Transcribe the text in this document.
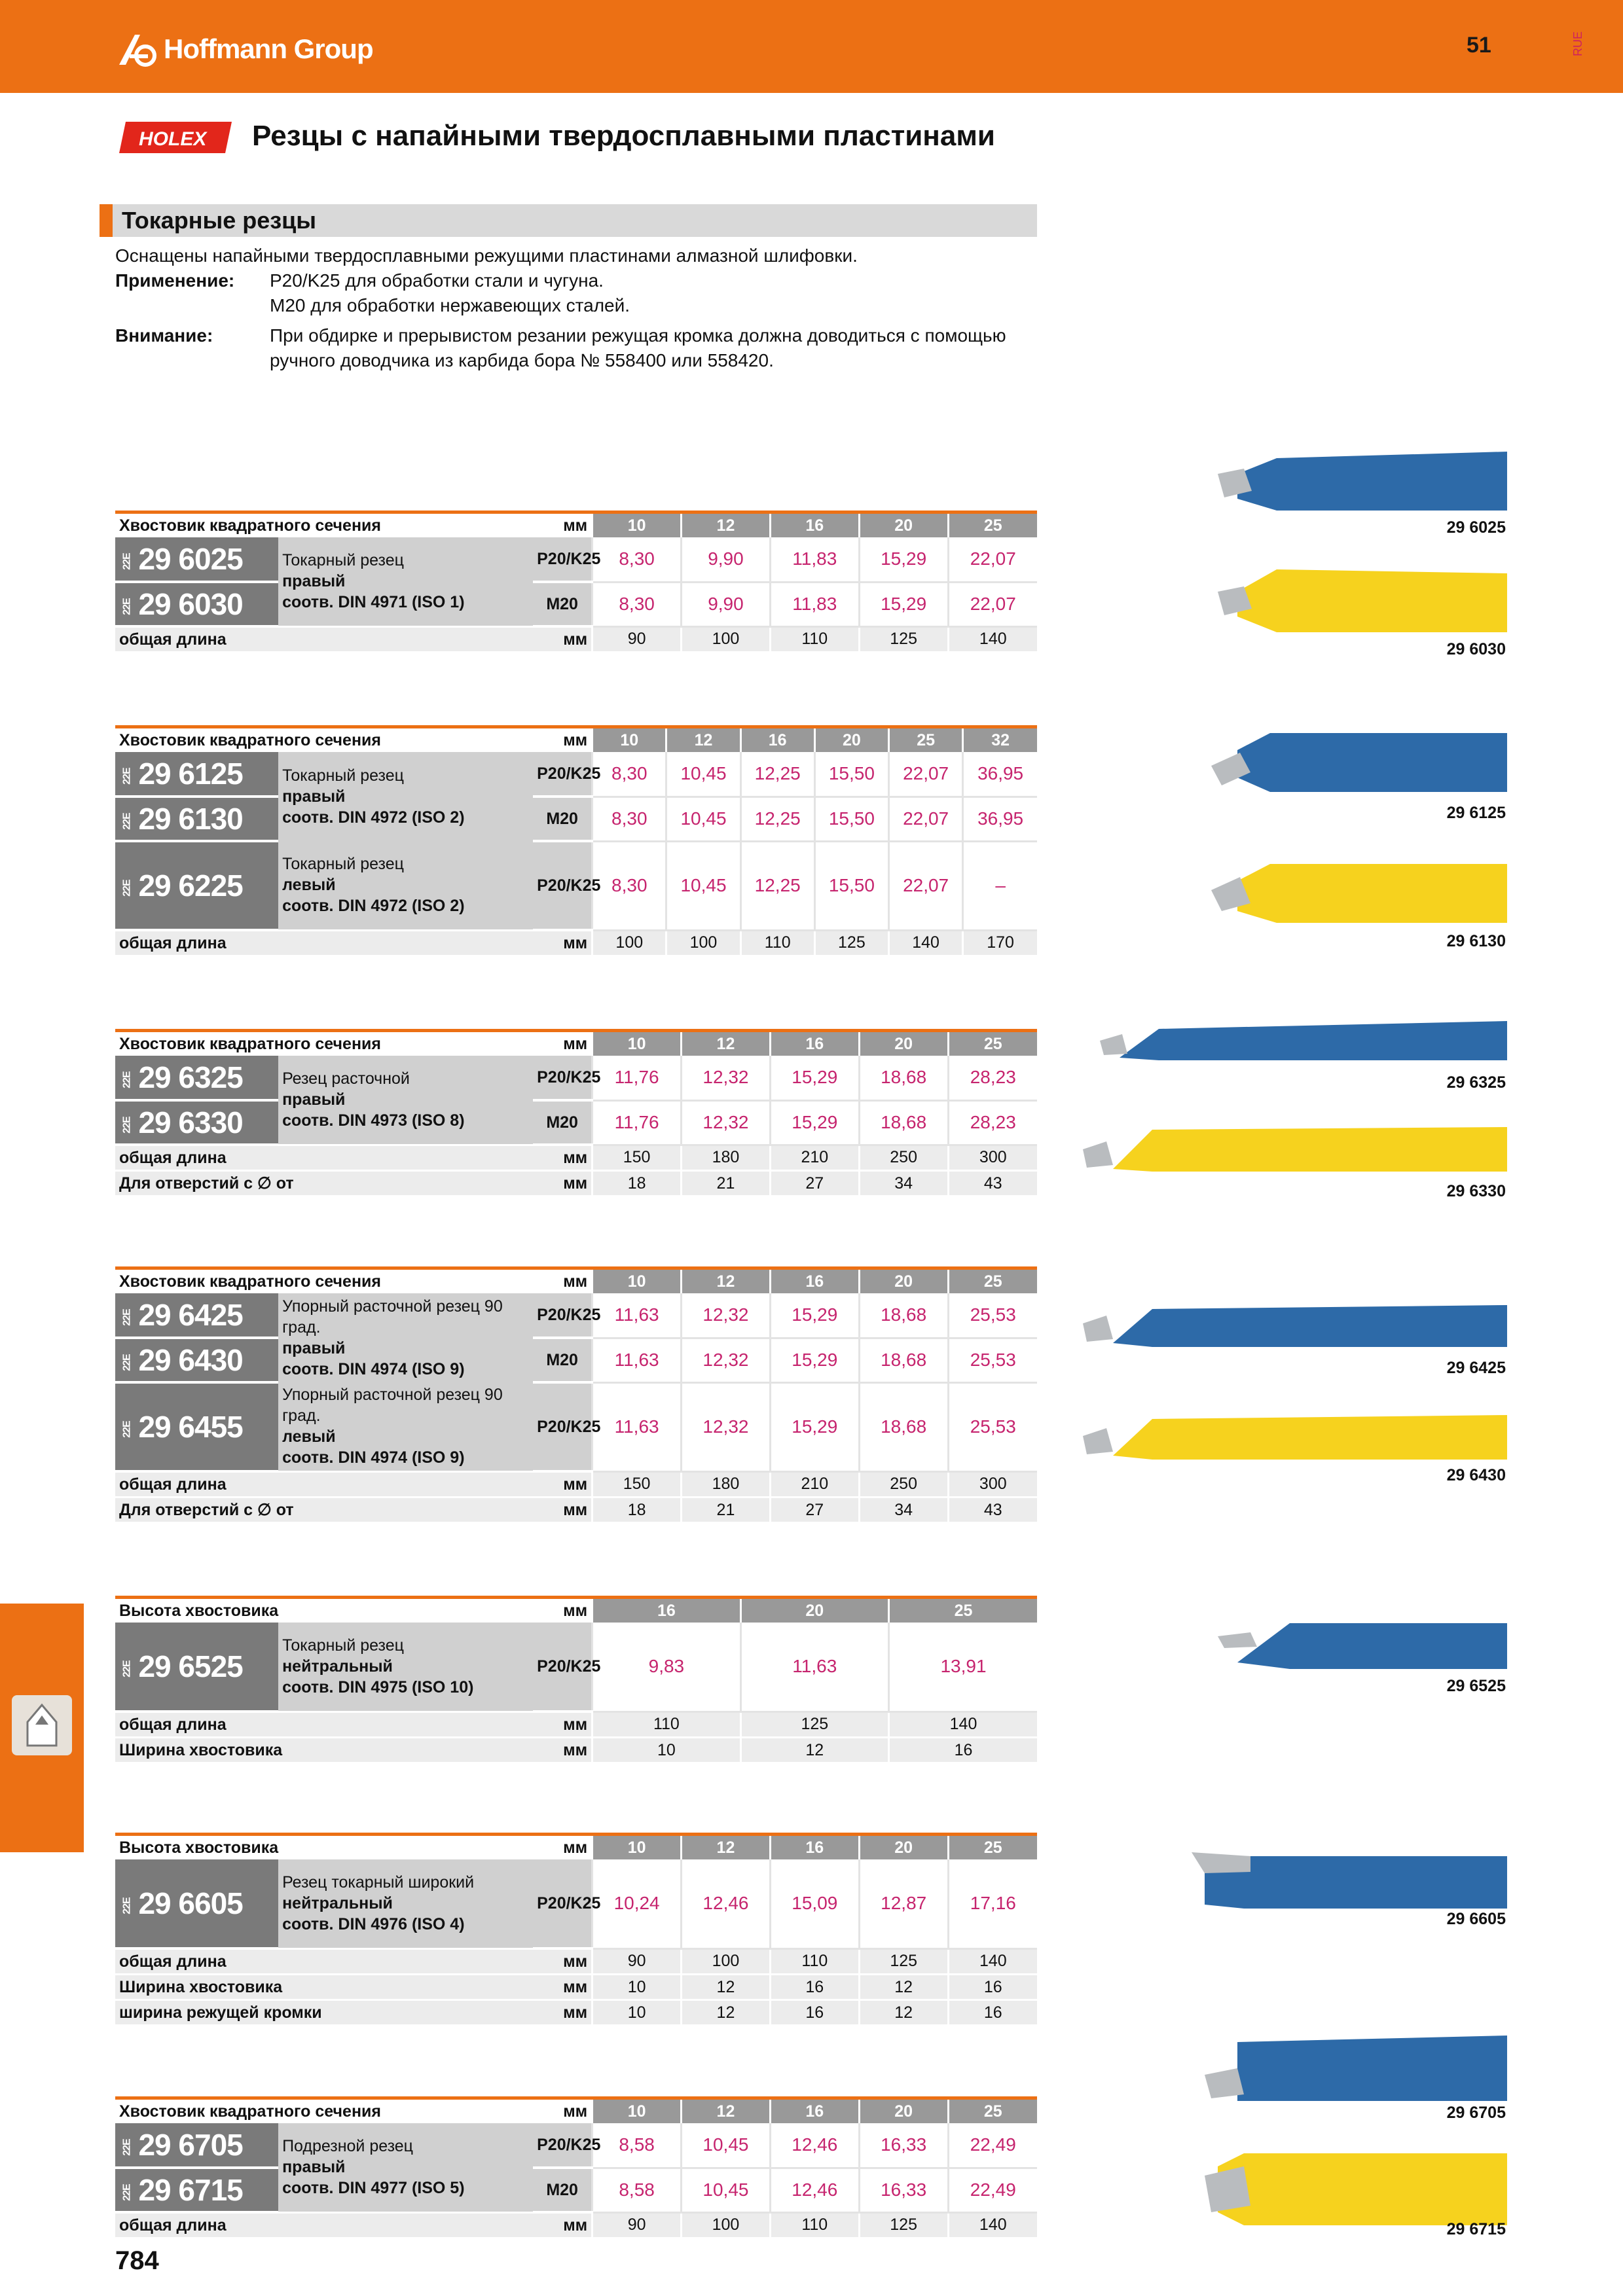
Hoffmann Group	51	RUE
HOLEX Резцы с напайными твердосплавными пластинами
Токарные резцы
Оснащены напайными твердосплавными режущими пластинами алмазной шлифовки.
Применение: P20/K25 для обработки стали и чугуна.
M20 для обработки нержавеющих сталей.
Внимание:	При обдирке и прерывистом резании режущая кромка должна доводиться с помощью
ручного доводчика из карбида бора № 558400 или 558420.
Хвостовик квадратного сечения		мм	10	12	16	20	25
22E 29 6025	Токарный резец
правый
соотв. DIN 4971 (ISO 1)	P20/K25	8,30	9,90	11,83	15,29	22,07
22E 29 6030		M20	8,30	9,90	11,83	15,29	22,07
общая длина		мм	90	100	110	125	140
Хвостовик квадратного сечения		мм	10	12	16	20	25	32
22E 29 6125	Токарный резец
правый
соотв. DIN 4972 (ISO 2)	P20/K25	8,30	10,45	12,25	15,50	22,07	36,95
22E 29 6130		M20	8,30	10,45	12,25	15,50	22,07	36,95
22E 29 6225	Токарный резец
левый
соотв. DIN 4972 (ISO 2)	P20/K25	8,30	10,45	12,25	15,50	22,07	–
общая длина		мм	100	100	110	125	140	170
Хвостовик квадратного сечения		мм	10	12	16	20	25
22E 29 6325	Резец расточной
правый
соотв. DIN 4973 (ISO 8)	P20/K25	11,76	12,32	15,29	18,68	28,23
22E 29 6330		M20	11,76	12,32	15,29	18,68	28,23
общая длина		мм	150	180	210	250	300
Для отверстий с ∅ от		мм	18	21	27	34	43
Хвостовик квадратного сечения		мм	10	12	16	20	25
22E 29 6425	Упорный расточной резец 90 град.
правый
соотв. DIN 4974 (ISO 9)	P20/K25	11,63	12,32	15,29	18,68	25,53
22E 29 6430		M20	11,63	12,32	15,29	18,68	25,53
22E 29 6455	Упорный расточной резец 90 град.
левый
соотв. DIN 4974 (ISO 9)	P20/K25	11,63	12,32	15,29	18,68	25,53
общая длина		мм	150	180	210	250	300
Для отверстий с ∅ от		мм	18	21	27	34	43
Высота хвостовика		мм	16	20	25
22E 29 6525	Токарный резец
нейтральный
соотв. DIN 4975 (ISO 10)	P20/K25	9,83	11,63	13,91
общая длина		мм	110	125	140
Ширина хвостовика		мм	10	12	16
Высота хвостовика		мм	10	12	16	20	25
22E 29 6605	Резец токарный широкий
нейтральный
соотв. DIN 4976 (ISO 4)	P20/K25	10,24	12,46	15,09	12,87	17,16
общая длина		мм	90	100	110	125	140
Ширина хвостовика		мм	10	12	16	12	16
ширина режущей кромки		мм	10	12	16	12	16
Хвостовик квадратного сечения		мм	10	12	16	20	25
22E 29 6705	Подрезной резец
правый
соотв. DIN 4977 (ISO 5)	P20/K25	8,58	10,45	12,46	16,33	22,49
22E 29 6715		M20	8,58	10,45	12,46	16,33	22,49
общая длина		мм	90	100	110	125	140
29 6025
29 6030
29 6125
29 6130
29 6325
29 6330
29 6425
29 6430
29 6525
29 6605
29 6705
29 6715
784
